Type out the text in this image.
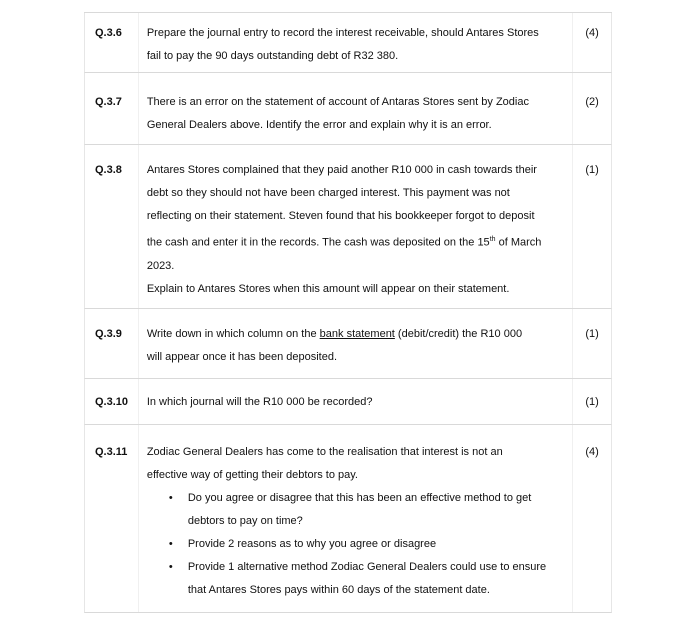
Q.3.6	Prepare the journal entry to record the interest receivable, should Antares Stores
fail to pay the 90 days outstanding debt of R32 380.
(4)
Q.3.7	There is an error on the statement of account of Antaras Stores sent by Zodiac
General Dealers above. Identify the error and explain why it is an error.
(2)
Q.3.8	Antares Stores complained that they paid another R10 000 in cash towards their
debt so they should not have been charged interest. This payment was not
reflecting on their statement. Steven found that his bookkeeper forgot to deposit
the cash and enter it in the records. The cash was deposited on the 15th of March
2023.
Explain to Antares Stores when this amount will appear on their statement.
(1)
Q.3.9	Write down in which column on the bank statement (debit/credit) the R10 000
will appear once it has been deposited.
(1)
Q.3.10	In which journal will the R10 000 be recorded?	(1)
Q.3.11	Zodiac General Dealers has come to the realisation that interest is not an
effective way of getting their debtors to pay.
• Do you agree or disagree that this has been an effective method to get
debtors to pay on time?
• Provide 2 reasons as to why you agree or disagree
• Provide 1 alternative method Zodiac General Dealers could use to ensure
that Antares Stores pays within 60 days of the statement date.
(4)
